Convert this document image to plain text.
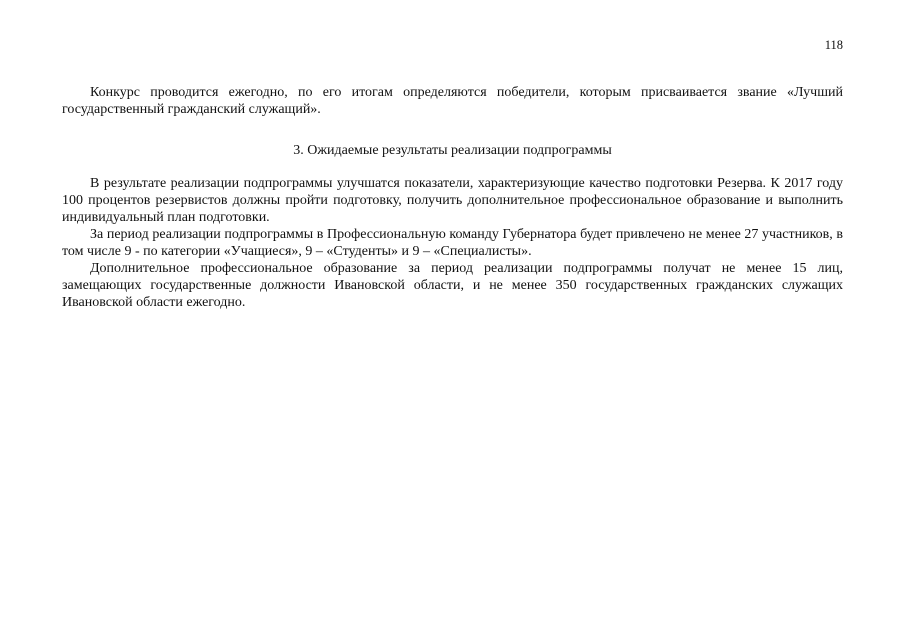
118

Конкурс проводится ежегодно, по его итогам определяются победители, которым присваивается звание «Лучший государственный гражданский служащий».

3. Ожидаемые результаты реализации подпрограммы

В результате реализации подпрограммы улучшатся показатели, характеризующие качество подготовки Резерва. К 2017 году 100 процентов резервистов должны пройти подготовку, получить дополнительное профессиональное образование и выполнить индивидуальный план подготовки.

За период реализации подпрограммы в Профессиональную команду Губернатора будет привлечено не менее 27 участников, в том числе 9 - по категории «Учащиеся», 9 – «Студенты» и 9 – «Специалисты».

Дополнительное профессиональное образование за период реализации подпрограммы получат не менее 15 лиц, замещающих государственные должности Ивановской области, и не менее 350 государственных гражданских служащих Ивановской области ежегодно.
